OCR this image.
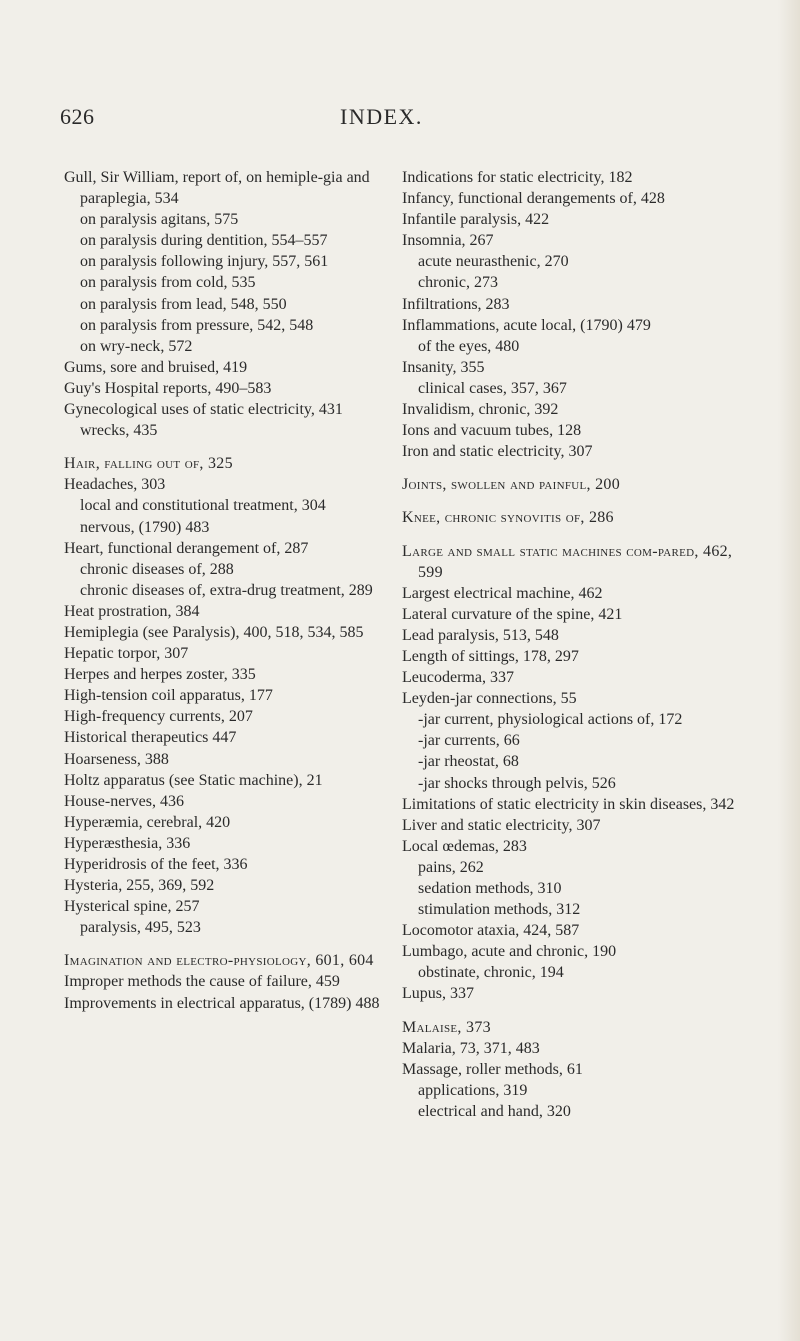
626	INDEX.

Gull, Sir William, report of, on hemiple-gia and paraplegia, 534

on paralysis agitans, 575

on paralysis during dentition, 554–557

on paralysis following injury, 557, 561

on paralysis from cold, 535

on paralysis from lead, 548, 550

on paralysis from pressure, 542, 548

on wry-neck, 572

Gums, sore and bruised, 419

Guy's Hospital reports, 490–583

Gynecological uses of static electricity, 431

wrecks, 435

Hair, falling out of, 325

Headaches, 303

local and constitutional treatment, 304

nervous, (1790) 483

Heart, functional derangement of, 287

chronic diseases of, 288

chronic diseases of, extra-drug treatment, 289

Heat prostration, 384

Hemiplegia (see Paralysis), 400, 518, 534, 585

Hepatic torpor, 307

Herpes and herpes zoster, 335

High-tension coil apparatus, 177

High-frequency currents, 207

Historical therapeutics 447

Hoarseness, 388

Holtz apparatus (see Static machine), 21

House-nerves, 436

Hyperæmia, cerebral, 420

Hyperæsthesia, 336

Hyperidrosis of the feet, 336

Hysteria, 255, 369, 592

Hysterical spine, 257

paralysis, 495, 523

Imagination and electro-physiology, 601, 604

Improper methods the cause of failure, 459

Improvements in electrical apparatus, (1789) 488

Indications for static electricity, 182

Infancy, functional derangements of, 428

Infantile paralysis, 422

Insomnia, 267

acute neurasthenic, 270

chronic, 273

Infiltrations, 283

Inflammations, acute local, (1790) 479

of the eyes, 480

Insanity, 355

clinical cases, 357, 367

Invalidism, chronic, 392

Ions and vacuum tubes, 128

Iron and static electricity, 307

Joints, swollen and painful, 200

Knee, chronic synovitis of, 286

Large and small static machines com-pared, 462, 599

Largest electrical machine, 462

Lateral curvature of the spine, 421

Lead paralysis, 513, 548

Length of sittings, 178, 297

Leucoderma, 337

Leyden-jar connections, 55

-jar current, physiological actions of, 172

-jar currents, 66

-jar rheostat, 68

-jar shocks through pelvis, 526

Limitations of static electricity in skin diseases, 342

Liver and static electricity, 307

Local œdemas, 283

pains, 262

sedation methods, 310

stimulation methods, 312

Locomotor ataxia, 424, 587

Lumbago, acute and chronic, 190

obstinate, chronic, 194

Lupus, 337

Malaise, 373

Malaria, 73, 371, 483

Massage, roller methods, 61

applications, 319

electrical and hand, 320
